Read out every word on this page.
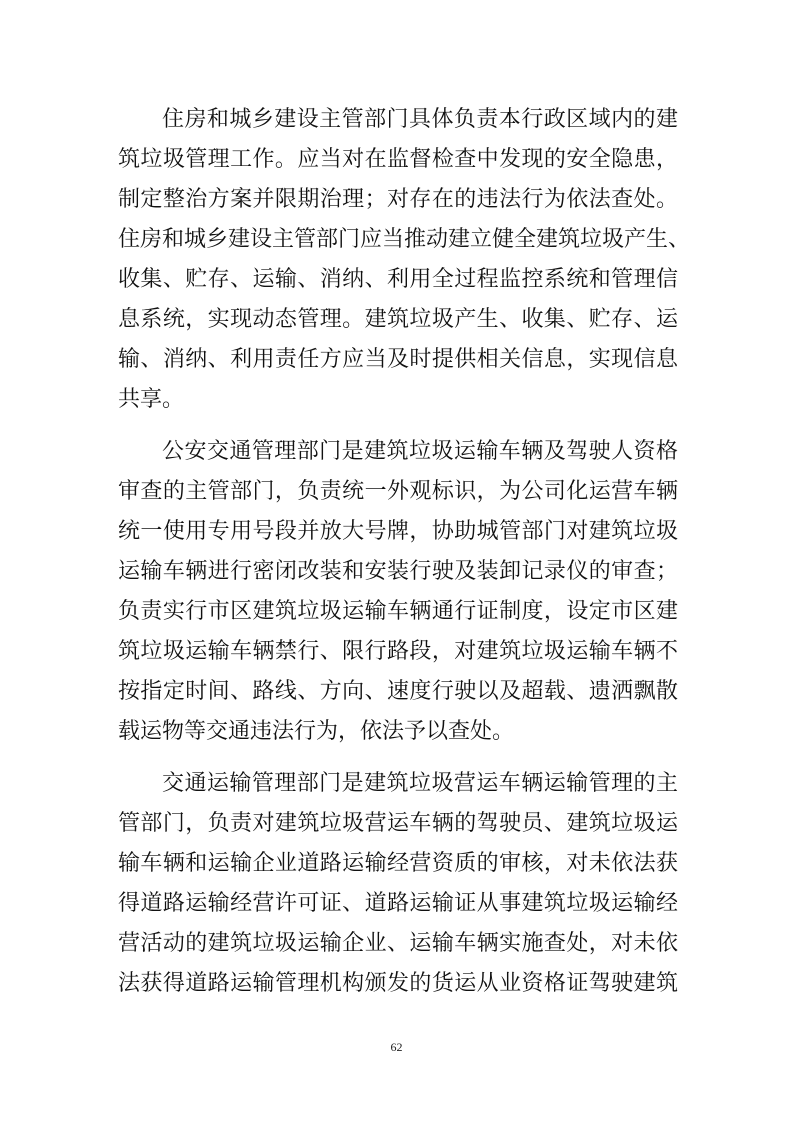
住房和城乡建设主管部门具体负责本行政区域内的建
筑垃圾管理工作。应当对在监督检查中发现的安全隐患，
制定整治方案并限期治理；对存在的违法行为依法查处。
住房和城乡建设主管部门应当推动建立健全建筑垃圾产生、
收集、贮存、运输、消纳、利用全过程监控系统和管理信
息系统，实现动态管理。建筑垃圾产生、收集、贮存、运
输、消纳、利用责任方应当及时提供相关信息，实现信息
共享。
公安交通管理部门是建筑垃圾运输车辆及驾驶人资格
审查的主管部门，负责统一外观标识，为公司化运营车辆
统一使用专用号段并放大号牌，协助城管部门对建筑垃圾
运输车辆进行密闭改装和安装行驶及装卸记录仪的审查；
负责实行市区建筑垃圾运输车辆通行证制度，设定市区建
筑垃圾运输车辆禁行、限行路段，对建筑垃圾运输车辆不
按指定时间、路线、方向、速度行驶以及超载、遗洒飘散
载运物等交通违法行为，依法予以查处。
交通运输管理部门是建筑垃圾营运车辆运输管理的主
管部门，负责对建筑垃圾营运车辆的驾驶员、建筑垃圾运
输车辆和运输企业道路运输经营资质的审核，对未依法获
得道路运输经营许可证、道路运输证从事建筑垃圾运输经
营活动的建筑垃圾运输企业、运输车辆实施查处，对未依
法获得道路运输管理机构颁发的货运从业资格证驾驶建筑
62
